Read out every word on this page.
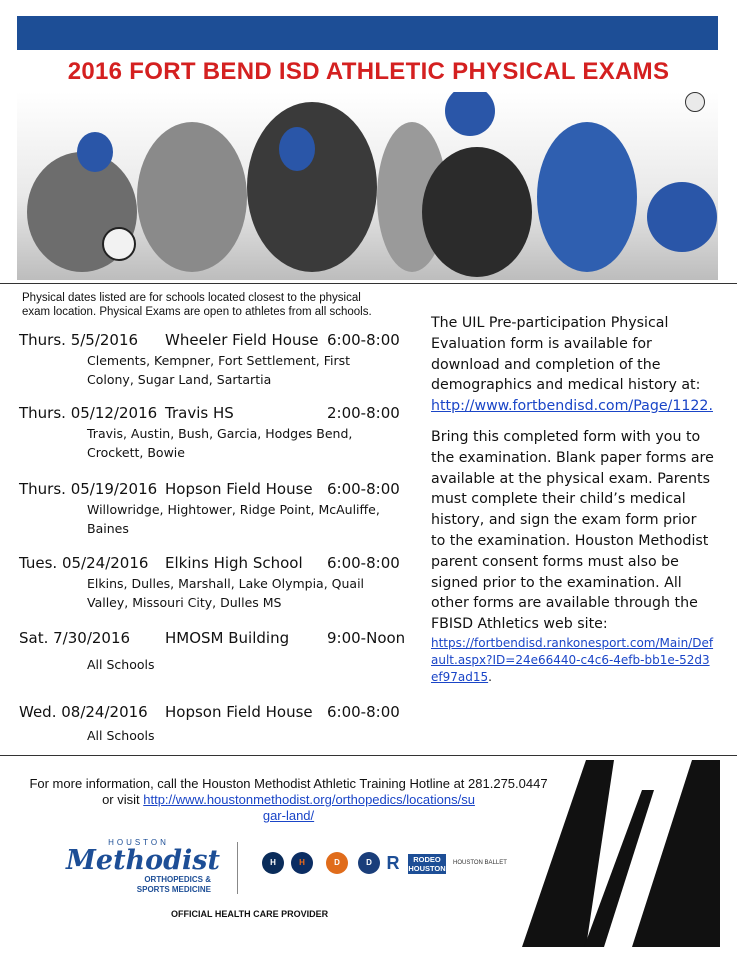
2016 FORT BEND ISD ATHLETIC PHYSICAL EXAMS
Physical dates listed are for schools located closest to the physical exam location. Physical Exams are open to athletes from all schools.
Thurs. 5/5/2016 Wheeler Field House 6:00-8:00
Clements, Kempner, Fort Settlement, First Colony, Sugar Land, Sartartia
Thurs. 05/12/2016 Travis HS	2:00-8:00
Travis, Austin, Bush, Garcia, Hodges Bend, Crockett, Bowie
Thurs. 05/19/2016 Hopson Field House 6:00-8:00
Willowridge, Hightower, Ridge Point, McAuliffe, Baines
Tues. 05/24/2016 Elkins High School 6:00-8:00
Elkins, Dulles, Marshall, Lake Olympia, Quail Valley, Missouri City, Dulles MS
Sat. 7/30/2016 HMOSM Building	9:00-Noon
All Schools
Wed. 08/24/2016 Hopson Field House 6:00-8:00
All Schools

The UIL Pre-participation Physical Evaluation form is available for download and completion of the demographics and medical history at:
http://www.fortbendisd.com/Page/1122.

Bring this completed form with you to the examination. Blank paper forms are available at the physical exam. Parents must complete their child’s medical history, and sign the exam form prior to the examination. Houston Methodist parent consent forms must also be signed prior to the examination. All other forms are available through the FBISD Athletics web site:
https://fortbendisd.rankonesport.com/Main/Default.aspx?ID=24e66440-c4c6-4efb-bb1e-52d3ef97ad15.

For more information, call the Houston Methodist Athletic Training Hotline at 281.275.0447
or visit http://www.houstonmethodist.org/orthopedics/locations/sugar-land/
HOUSTON
Methodist
ORTHOPEDICS &
SPORTS MEDICINE
H	H	D	D R	RODEO HOUSTON
HOUSTON BALLET
OFFICIAL HEALTH CARE PROVIDER
